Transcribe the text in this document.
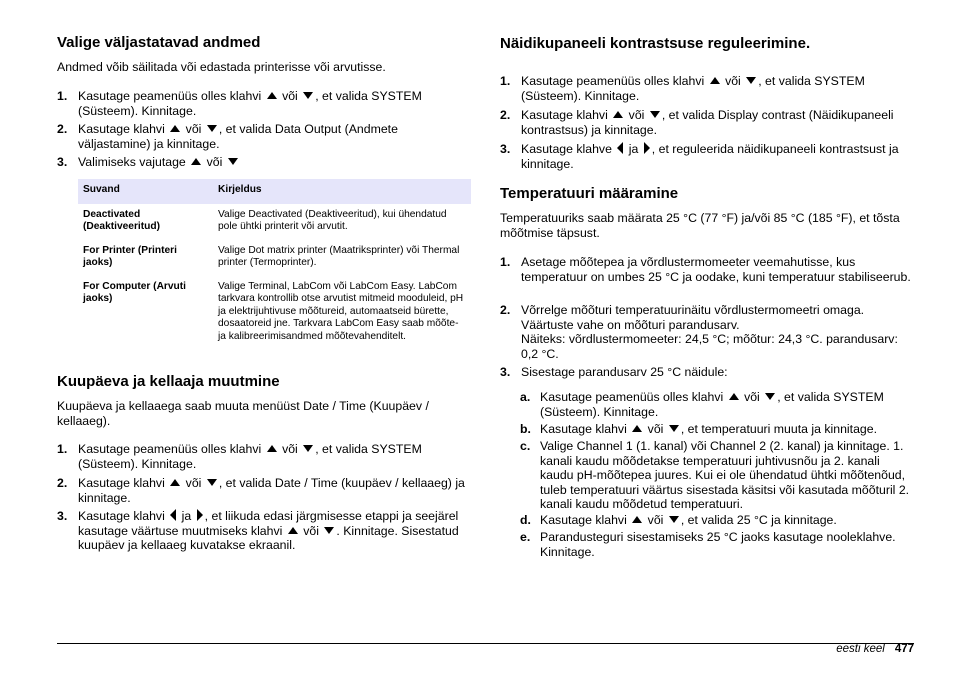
Valige väljastatavad andmed

Andmed võib säilitada või edastada printerisse või arvutisse.

1. Kasutage peamenüüs olles klahvi või , et valida SYSTEM (Süsteem). Kinnitage.
2. Kasutage klahvi või , et valida Data Output (Andmete väljastamine) ja kinnitage.
3. Valimiseks vajutage või
Suvand	Kirjeldus
Deactivated (Deaktiveeritud)	Valige Deactivated (Deaktiveeritud), kui ühendatud pole ühtki printerit või arvutit.
For Printer (Printeri jaoks)	Valige Dot matrix printer (Maatriksprinter) või Thermal printer (Termoprinter).
For Computer (Arvuti jaoks)	Valige Terminal, LabCom või LabCom Easy. LabCom tarkvara kontrollib otse arvutist mitmeid mooduleid, pH ja elektrijuhtivuse mõõtureid, automaatseid bürette, dosaatoreid jne. Tarkvara LabCom Easy saab mõõte- ja kalibreerimisandmed mõõtevahenditelt.
Kuupäeva ja kellaaja muutmine

Kuupäeva ja kellaaega saab muuta menüüst Date / Time (Kuupäev / kellaaeg).

1. Kasutage peamenüüs olles klahvi või , et valida SYSTEM (Süsteem). Kinnitage.
2. Kasutage klahvi või , et valida Date / Time (kuupäev / kellaaeg) ja kinnitage.
3. Kasutage klahvi ja , et liikuda edasi järgmisesse etappi ja seejärel kasutage väärtuse muutmiseks klahvi või . Kinnitage. Sisestatud kuupäev ja kellaaeg kuvatakse ekraanil.
Näidikupaneeli kontrastsuse reguleerimine.
1. Kasutage peamenüüs olles klahvi või , et valida SYSTEM (Süsteem). Kinnitage.
2. Kasutage klahvi või , et valida Display contrast (Näidikupaneeli kontrastsus) ja kinnitage.
3. Kasutage klahve ja , et reguleerida näidikupaneeli kontrastsust ja kinnitage.
Temperatuuri määramine

Temperatuuriks saab määrata 25 °C (77 °F) ja/või 85 °C (185 °F), et tõsta mõõtmise täpsust.

1. Asetage mõõtepea ja võrdlustermomeeter veemahutisse, kus temperatuur on umbes 25 °C ja oodake, kuni temperatuur stabiliseerub.
2. Võrrelge mõõturi temperatuurinäitu võrdlustermomeetri omaga. Väärtuste vahe on mõõturi parandusarv.
Näiteks: võrdlustermomeeter: 24,5 °C; mõõtur: 24,3 °C. parandusarv: 0,2 °C.
3. Sisestage parandusarv 25 °C näidule:
a. Kasutage peamenüüs olles klahvi või , et valida SYSTEM (Süsteem). Kinnitage.
b. Kasutage klahvi või , et temperatuuri muuta ja kinnitage.
c. Valige Channel 1 (1. kanal) või Channel 2 (2. kanal) ja kinnitage. 1. kanali kaudu mõõdetakse temperatuuri juhtivusnõu ja 2. kanali kaudu pH-mõõtepea juures. Kui ei ole ühendatud ühtki mõõtenõud, tuleb temperatuuri väärtus sisestada käsitsi või kasutada mõõturil 2. kanali kaudu mõõdetud temperatuuri.
d. Kasutage klahvi või , et valida 25 °C ja kinnitage.
e. Parandusteguri sisestamiseks 25 °C jaoks kasutage nooleklahve. Kinnitage.
eesti keel 477
